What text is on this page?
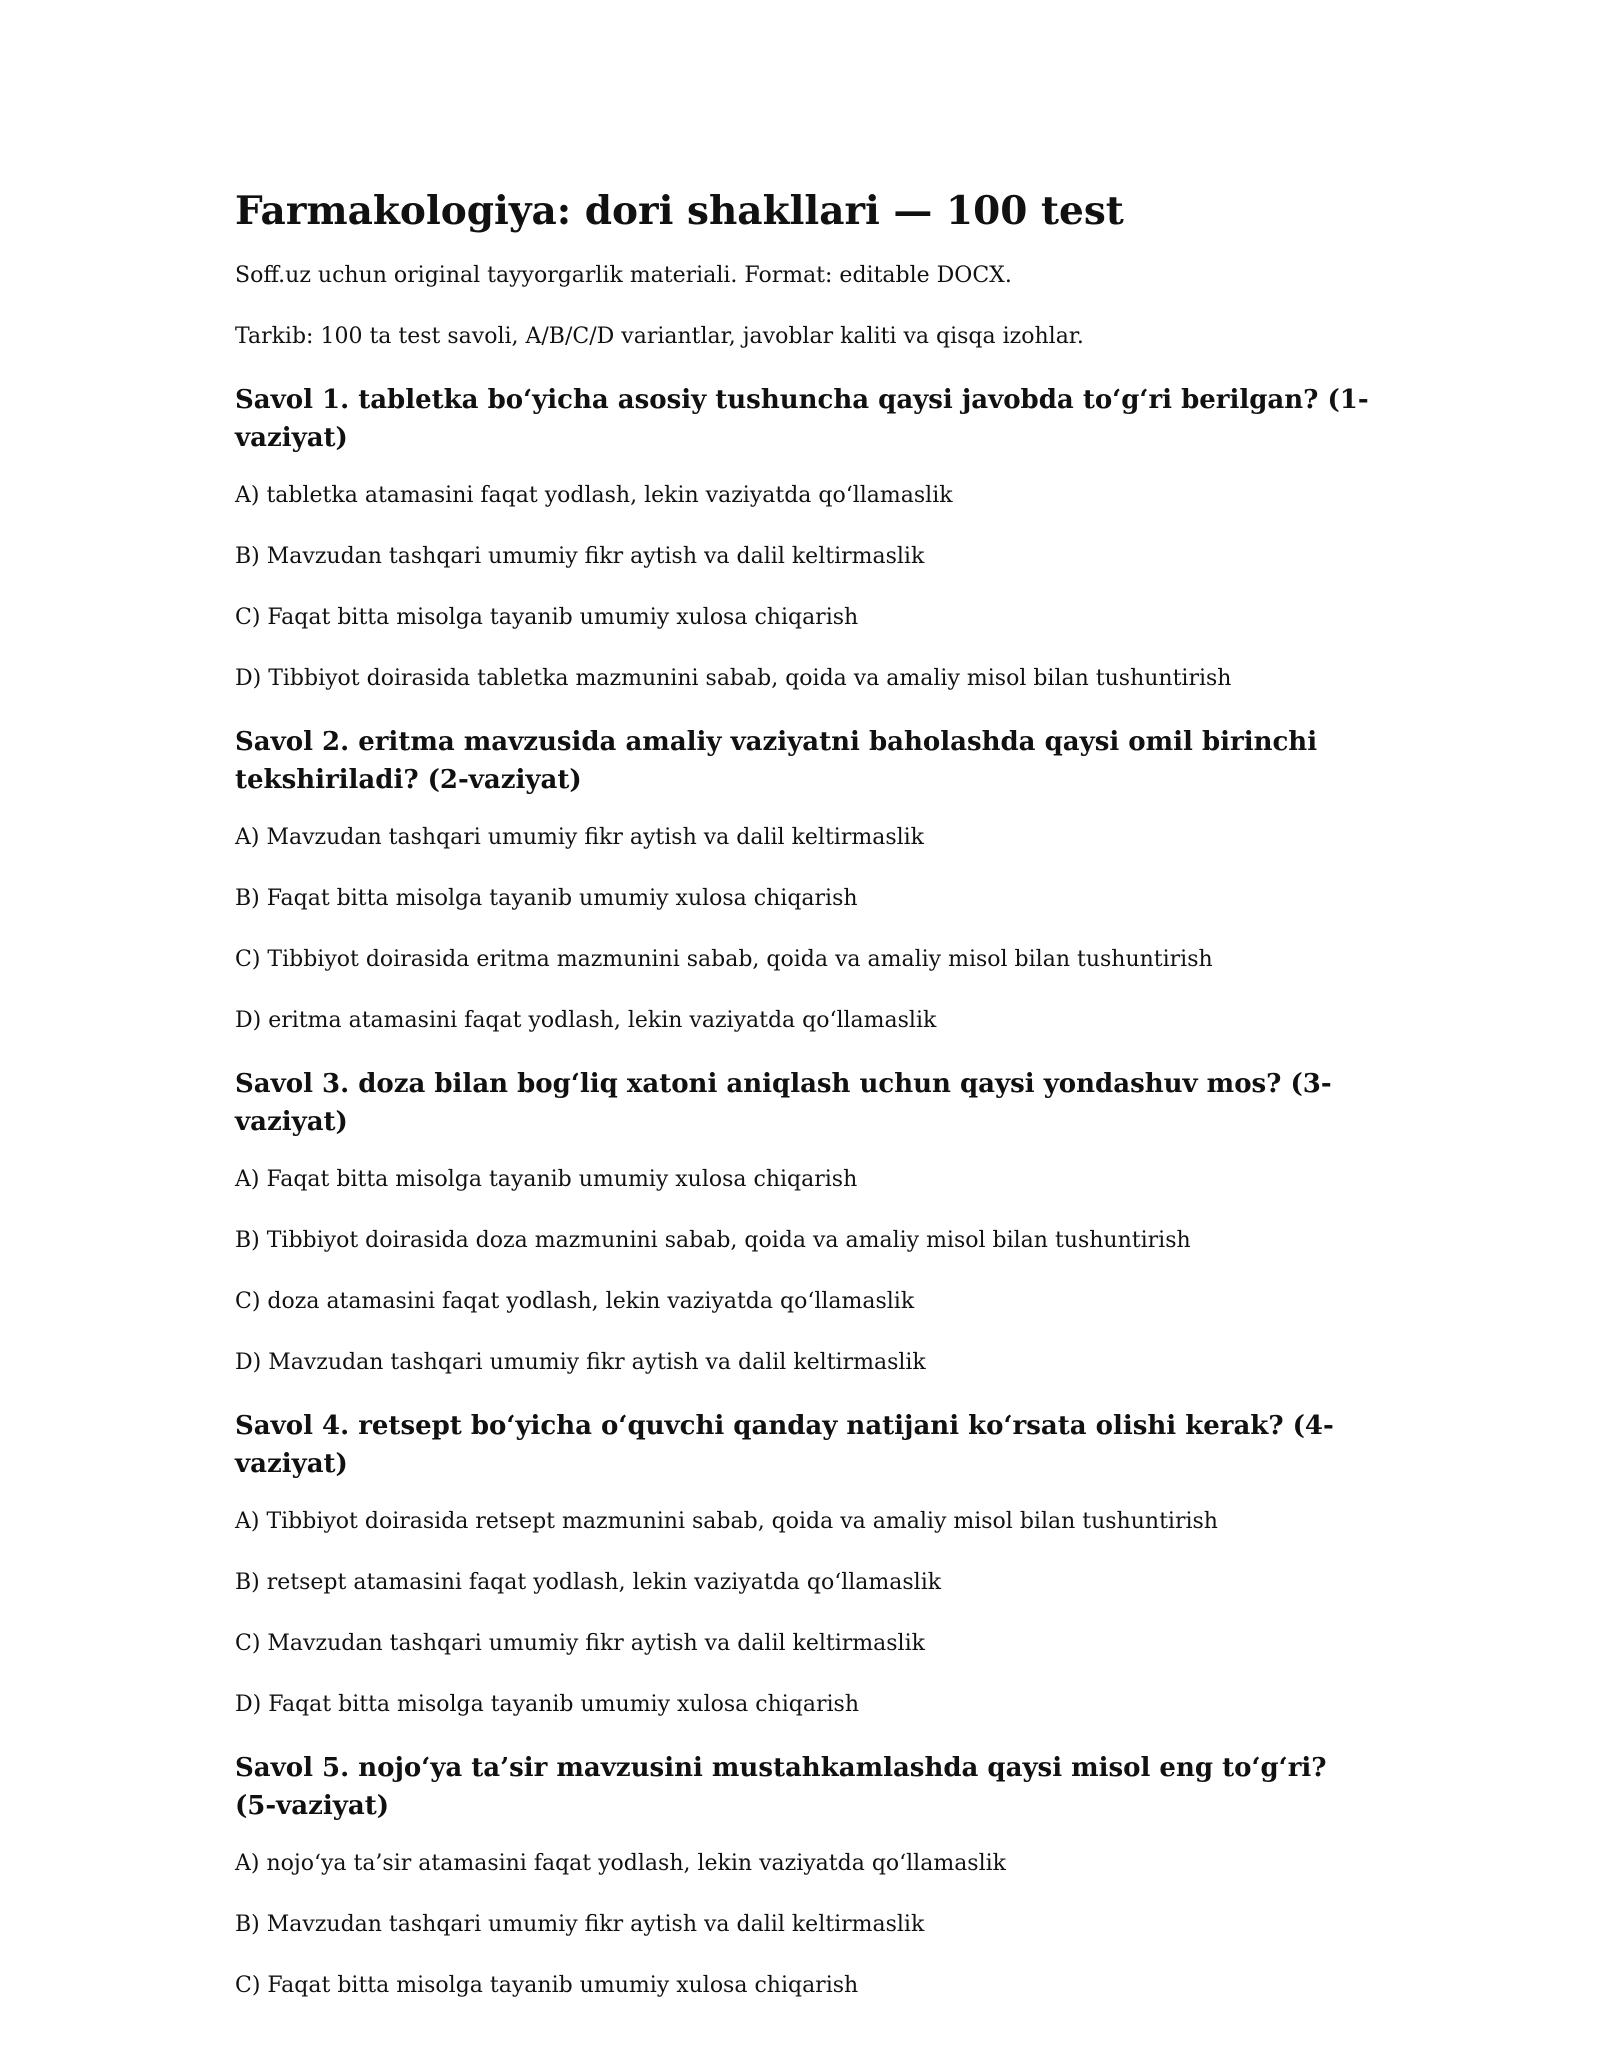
Farmakologiya: dori shakllari — 100 test

Soff.uz uchun original tayyorgarlik materiali. Format: editable DOCX.

Tarkib: 100 ta test savoli, A/B/C/D variantlar, javoblar kaliti va qisqa izohlar.

Savol 1. tabletka bo‘yicha asosiy tushuncha qaysi javobda to‘g‘ri berilgan? (1-vaziyat)

A) tabletka atamasini faqat yodlash, lekin vaziyatda qo‘llamaslik

B) Mavzudan tashqari umumiy fikr aytish va dalil keltirmaslik

C) Faqat bitta misolga tayanib umumiy xulosa chiqarish

D) Tibbiyot doirasida tabletka mazmunini sabab, qoida va amaliy misol bilan tushuntirish

Savol 2. eritma mavzusida amaliy vaziyatni baholashda qaysi omil birinchi tekshiriladi? (2-vaziyat)

A) Mavzudan tashqari umumiy fikr aytish va dalil keltirmaslik

B) Faqat bitta misolga tayanib umumiy xulosa chiqarish

C) Tibbiyot doirasida eritma mazmunini sabab, qoida va amaliy misol bilan tushuntirish

D) eritma atamasini faqat yodlash, lekin vaziyatda qo‘llamaslik

Savol 3. doza bilan bog‘liq xatoni aniqlash uchun qaysi yondashuv mos? (3-vaziyat)

A) Faqat bitta misolga tayanib umumiy xulosa chiqarish

B) Tibbiyot doirasida doza mazmunini sabab, qoida va amaliy misol bilan tushuntirish

C) doza atamasini faqat yodlash, lekin vaziyatda qo‘llamaslik

D) Mavzudan tashqari umumiy fikr aytish va dalil keltirmaslik

Savol 4. retsept bo‘yicha o‘quvchi qanday natijani ko‘rsata olishi kerak? (4-vaziyat)

A) Tibbiyot doirasida retsept mazmunini sabab, qoida va amaliy misol bilan tushuntirish

B) retsept atamasini faqat yodlash, lekin vaziyatda qo‘llamaslik

C) Mavzudan tashqari umumiy fikr aytish va dalil keltirmaslik

D) Faqat bitta misolga tayanib umumiy xulosa chiqarish

Savol 5. nojo‘ya ta’sir mavzusini mustahkamlashda qaysi misol eng to‘g‘ri? (5-vaziyat)

A) nojo‘ya ta’sir atamasini faqat yodlash, lekin vaziyatda qo‘llamaslik

B) Mavzudan tashqari umumiy fikr aytish va dalil keltirmaslik

C) Faqat bitta misolga tayanib umumiy xulosa chiqarish
